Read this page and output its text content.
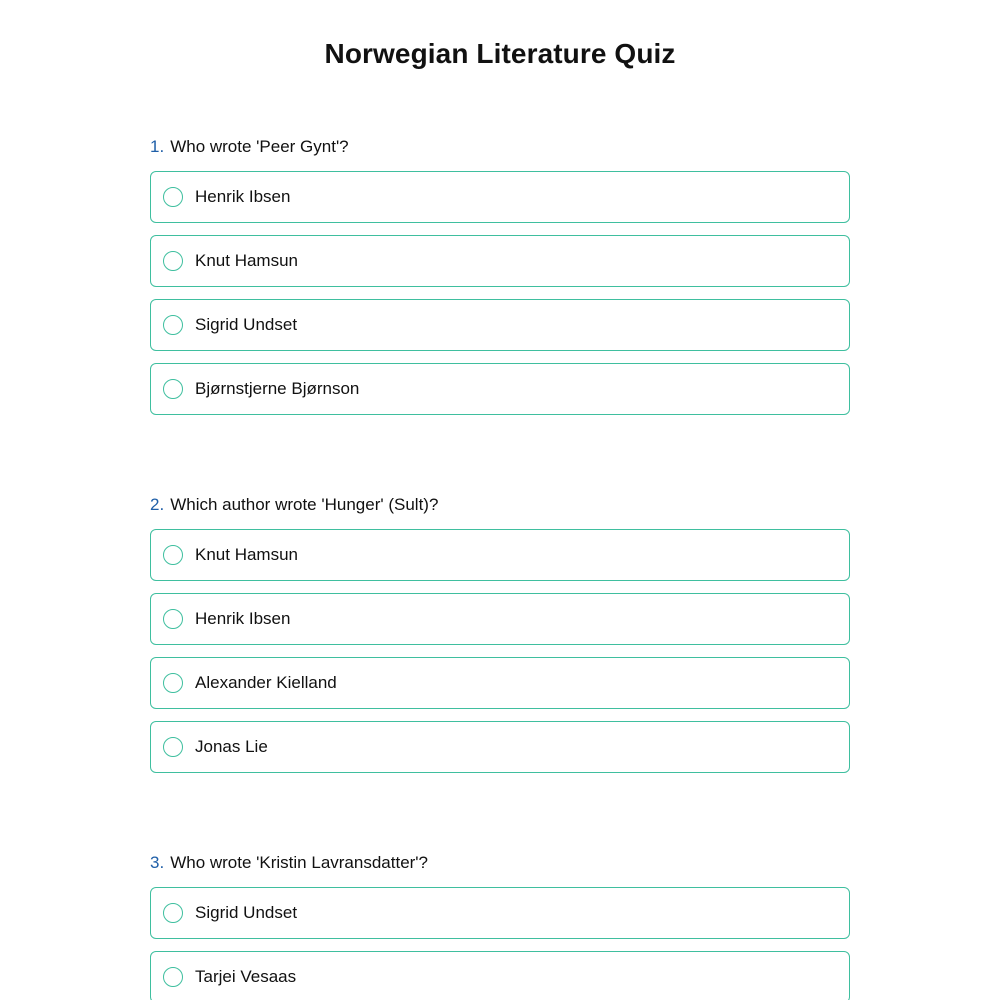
Norwegian Literature Quiz
1. Who wrote 'Peer Gynt'?
Henrik Ibsen
Knut Hamsun
Sigrid Undset
Bjørnstjerne Bjørnson
2. Which author wrote 'Hunger' (Sult)?
Knut Hamsun
Henrik Ibsen
Alexander Kielland
Jonas Lie
3. Who wrote 'Kristin Lavransdatter'?
Sigrid Undset
Tarjei Vesaas
